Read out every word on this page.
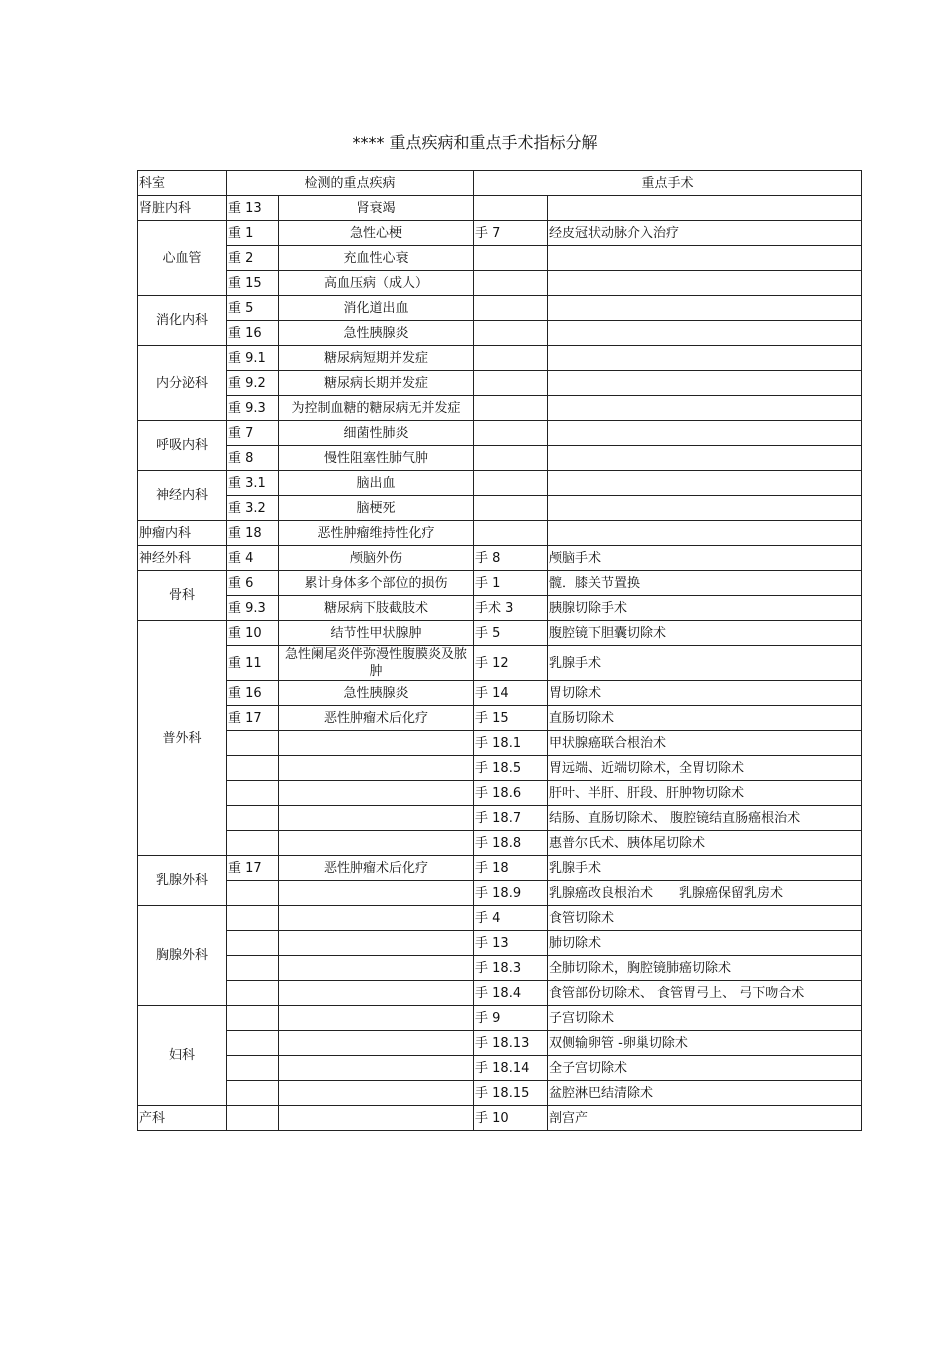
**** 重点疾病和重点手术指标分解
科室	检测的重点疾病		重点手术	
肾脏内科	重 13	肾衰竭		
心血管	重 1	急性心梗	手 7	经皮冠状动脉介入治疗
	重 2	充血性心衰		
	重 15	高血压病（成人）		
消化内科	重 5	消化道出血		
	重 16	急性胰腺炎		
内分泌科	重 9.1	糖尿病短期并发症		
	重 9.2	糖尿病长期并发症		
	重 9.3	为控制血糖的糖尿病无并发症		
呼吸内科	重 7	细菌性肺炎		
	重 8	慢性阻塞性肺气肿		
神经内科	重 3.1	脑出血		
	重 3.2	脑梗死		
肿瘤内科	重 18	恶性肿瘤维持性化疗		
神经外科	重 4	颅脑外伤	手 8	颅脑手术
骨科	重 6	累计身体多个部位的损伤	手 1	髋．膝关节置换
	重 9.3	糖尿病下肢截肢术	手术 3	胰腺切除手术
普外科	重 10	结节性甲状腺肿	手 5	腹腔镜下胆囊切除术
	重 11	急性阑尾炎伴弥漫性腹膜炎及脓肿	手 12	乳腺手术
	重 16	急性胰腺炎	手 14	胃切除术
	重 17	恶性肿瘤术后化疗	手 15	直肠切除术
			手 18.1	甲状腺癌联合根治术
			手 18.5	胃远端、近端切除术，全胃切除术
			手 18.6	肝叶、半肝、肝段、肝肿物切除术
			手 18.7	结肠、直肠切除术、 腹腔镜结直肠癌根治术
			手 18.8	惠普尔氏术、胰体尾切除术
乳腺外科	重 17	恶性肿瘤术后化疗	手 18	乳腺手术
			手 18.9	乳腺癌改良根治术　　乳腺癌保留乳房术
胸腺外科			手 4	食管切除术
			手 13	肺切除术
			手 18.3	全肺切除术，胸腔镜肺癌切除术
			手 18.4	食管部份切除术、 食管胃弓上、 弓下吻合术
妇科			手 9	子宫切除术
			手 18.13	双侧输卵管 -卵巢切除术
			手 18.14	全子宫切除术
			手 18.15	盆腔淋巴结清除术
产科			手 10	剖宫产
